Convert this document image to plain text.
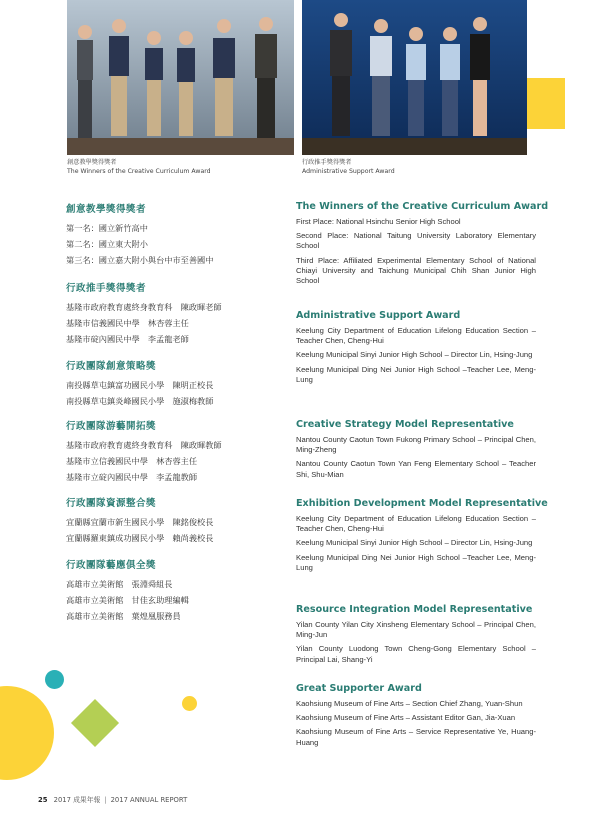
創意教學獎得獎者
The Winners of the Creative Curriculum Award
行政推手獎得獎者
Administrative Support Award
創意教學獎得獎者
第一名：國立新竹高中
第二名：國立東大附小
第三名：國立嘉大附小與台中市至善國中
行政推手獎得獎者
基隆市政府教育處終身教育科　陳政暉老師
基隆市信義國民中學　林杏蓉主任
基隆市碇內國民中學　李孟龍老師
行政團隊創意策略獎
南投縣草屯鎮富功國民小學　陳明正校長
南投縣草屯鎮炎峰國民小學　施淑梅教師
行政團隊游藝開拓獎
基隆市政府教育處終身教育科　陳政暉教師
基隆市立信義國民中學　林杏蓉主任
基隆市立碇內國民中學　李孟龍教師
行政團隊資源整合獎
宜蘭縣宜蘭市新生國民小學　陳銘俊校長
宜蘭縣羅東鎮成功國民小學　賴尚義校長
行政團隊藝應俱全獎
高雄市立美術館　張淵舜組長
高雄市立美術館　甘佳玄助理編輯
高雄市立美術館　葉煌凰服務員
The Winners of the Creative Curriculum Award
First Place: National Hsinchu Senior High School
Second Place: National Taitung University Laboratory Elementary School
Third Place: Affiliated Experimental Elementary School of National Chiayi University and Taichung Municipal Chih Shan Junior High School
Administrative Support Award
Keelung City Department of Education Lifelong Education Section – Teacher Chen, Cheng-Hui
Keelung Municipal Sinyi Junior High School – Director Lin, Hsing-Jung
Keelung Municipal Ding Nei Junior High School –Teacher Lee, Meng-Lung
Creative Strategy Model Representative
Nantou County Caotun Town Fukong Primary School – Principal Chen, Ming-Zheng
Nantou County Caotun Town Yan Feng Elementary School – Teacher Shi, Shu-Mian
Exhibition Development Model Representative
Keelung City Department of Education Lifelong Education Section – Teacher Chen, Cheng-Hui
Keelung Municipal Sinyi Junior High School – Director Lin, Hsing-Jung
Keelung Municipal Ding Nei Junior High School –Teacher Lee, Meng-Lung
Resource Integration Model Representative
Yilan County Yilan City Xinsheng Elementary School – Principal Chen, Ming-Jun
Yilan County Luodong Town Cheng-Gong Elementary School – Principal Lai, Shang-Yi
Great Supporter Award
Kaohsiung Museum of Fine Arts – Section Chief Zhang, Yuan-Shun
Kaohsiung Museum of Fine Arts – Assistant Editor Gan, Jia-Xuan
Kaohsiung Museum of Fine Arts – Service Representative Ye, Huang-Huang
25 2017 成果年報 | 2017 ANNUAL REPORT
